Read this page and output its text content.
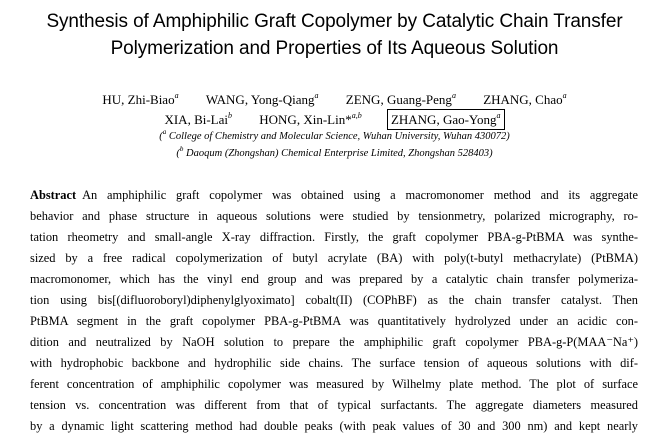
Synthesis of Amphiphilic Graft Copolymer by Catalytic Chain Transfer
Polymerization and Properties of Its Aqueous Solution
HU, Zhi-Biao$^a$ WANG, Yong-Qiang$^a$ ZENG, Guang-Peng$^a$ ZHANG, Chao$^a$
XIA, Bi-Lai$^b$ HONG, Xin-Lin*$^{a,b}$ ZHANG, Gao-Yong$^a$
($^a$ College of Chemistry and Molecular Science, Wuhan University, Wuhan 430072)
($^b$ Daoqum (Zhongshan) Chemical Enterprise Limited, Zhongshan 528403)
Abstract An amphiphilic graft copolymer was obtained using a macromonomer method and its aggregate
behavior and phase structure in aqueous solutions were studied by tensionmetry, polarized micrography, ro-
tation rheometry and small-angle X-ray diffraction. Firstly, the graft copolymer PBA-g-PtBMA was synthe-
sized by a free radical copolymerization of butyl acrylate (BA) with poly(t-butyl methacrylate) (PtBMA)
macromonomer, which has the vinyl end group and was prepared by a catalytic chain transfer polymeriza-
tion using bis[(difluoroboryl)diphenylglyoximato] cobalt(II) (COPhBF) as the chain transfer catalyst. Then
PtBMA segment in the graft copolymer PBA-g-PtBMA was quantitatively hydrolyzed under an acidic con-
dition and neutralized by NaOH solution to prepare the amphiphilic graft copolymer PBA-g-P(MAA⁻Na⁺)
with hydrophobic backbone and hydrophilic side chains. The surface tension of aqueous solutions with dif-
ferent concentration of amphiphilic copolymer was measured by Wilhelmy plate method. The plot of surface
tension vs. concentration was different from that of typical surfactants. The aggregate diameters measured
by a dynamic light scattering method had double peaks (with peak values of 30 and 300 nm) and kept nearly
